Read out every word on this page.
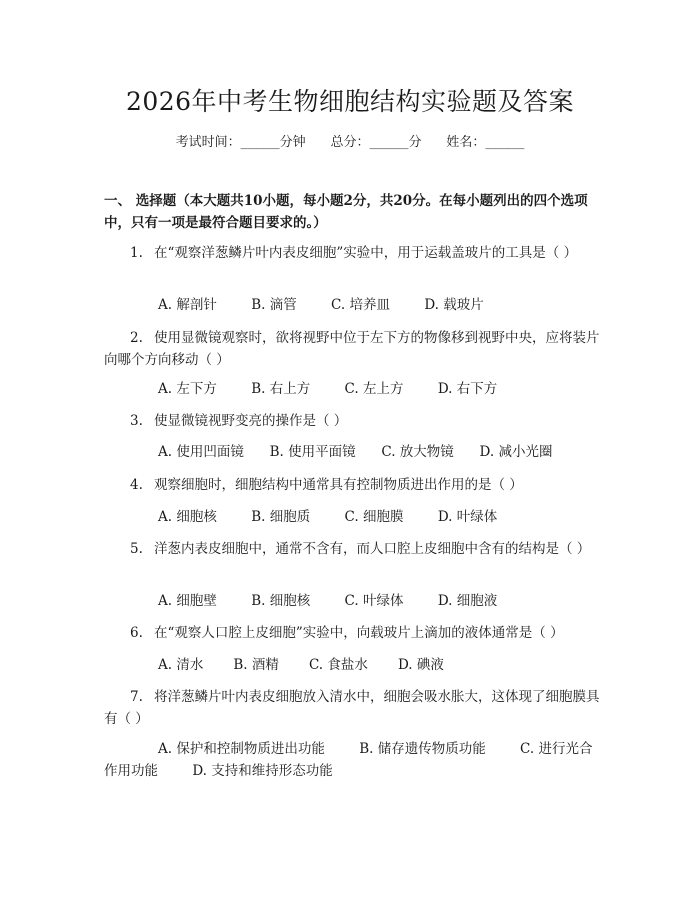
2026年中考生物细胞结构实验题及答案
考试时间：______分钟 总分：______分 姓名：______
一、 选择题（本大题共10小题，每小题2分，共20分。在每小题列出的四个选项中，只有一项是最符合题目要求的。）
1. 在“观察洋葱鳞片叶内表皮细胞”实验中，用于运载盖玻片的工具是（ ）
A. 解剖针	B. 滴管	C. 培养皿	D. 载玻片
2. 使用显微镜观察时，欲将视野中位于左下方的物像移到视野中央，应将装片向哪个方向移动（ ）
A. 左下方	B. 右上方	C. 左上方	D. 右下方
3. 使显微镜视野变亮的操作是（ ）
A. 使用凹面镜 B. 使用平面镜 C. 放大物镜 D. 减小光圈
4. 观察细胞时，细胞结构中通常具有控制物质进出作用的是（ ）
A. 细胞核	B. 细胞质	C. 细胞膜	D. 叶绿体
5. 洋葱内表皮细胞中，通常不含有，而人口腔上皮细胞中含有的结构是（ ）
A. 细胞壁	B. 细胞核	C. 叶绿体	D. 细胞液
6. 在“观察人口腔上皮细胞”实验中，向载玻片上滴加的液体通常是（ ）
A. 清水 B. 酒精 C. 食盐水 D. 碘液
7. 将洋葱鳞片叶内表皮细胞放入清水中，细胞会吸水胀大，这体现了细胞膜具有（ ）
A. 保护和控制物质进出功能	B. 储存遗传物质功能	C. 进行光合作用功能	D. 支持和维持形态功能
